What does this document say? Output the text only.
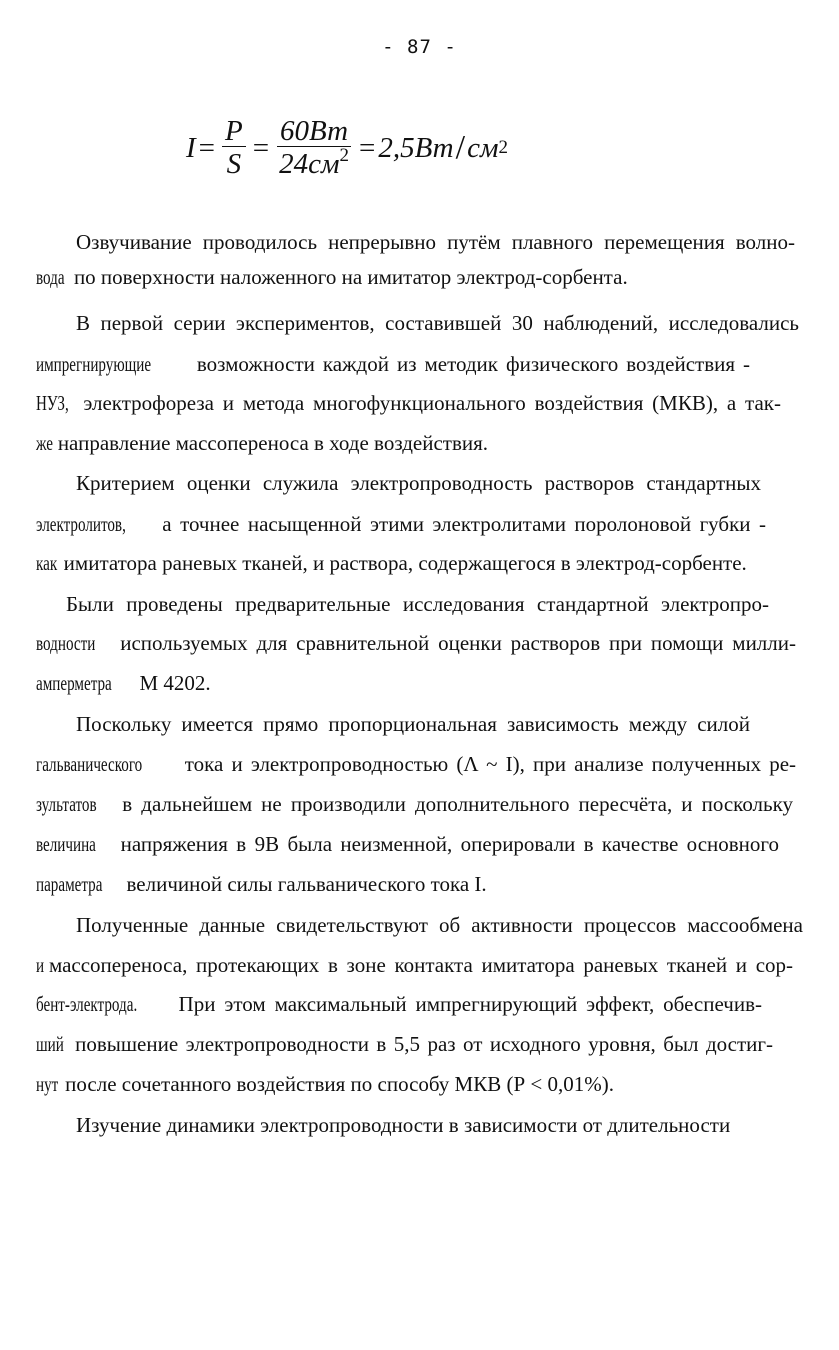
- 87 -
$I = \frac{P}{S} = \frac{60Вт}{24см^2} = 2,5Вт$ / см 2
Озвучивание проводилось непрерывно путём плавного перемещения волно-
вода по поверхности наложенного на имитатор электрод-сорбента.
В первой серии экспериментов, составившей 30 наблюдений, исследовались
импрегнирующие возможности каждой из методик физического воздействия -
НУЗ, электрофореза и метода многофункционального воздействия (МКВ), а так-
же направление массопереноса в ходе воздействия.
Критерием оценки служила электропроводность растворов стандартных
электролитов, а точнее насыщенной этими электролитами поролоновой губки -
как имитатора раневых тканей, и раствора, содержащегося в электрод-сорбенте.
Были проведены предварительные исследования стандартной электропро-
водности используемых для сравнительной оценки растворов при помощи милли-
амперметра М 4202.
Поскольку имеется прямо пропорциональная зависимость между силой
гальванического тока и электропроводностью (Λ ~ I), при анализе полученных ре-
зультатов в дальнейшем не производили дополнительного пересчёта, и поскольку
величина напряжения в 9В была неизменной, оперировали в качестве основного
параметра величиной силы гальванического тока I.
Полученные данные свидетельствуют об активности процессов массообмена
и массопереноса, протекающих в зоне контакта имитатора раневых тканей и сор-
бент-электрода. При этом максимальный импрегнирующий эффект, обеспечив-
ший повышение электропроводности в 5,5 раз от исходного уровня, был достиг-
нут после сочетанного воздействия по способу МКВ (Р < 0,01%).
Изучение динамики электропроводности в зависимости от длительности
